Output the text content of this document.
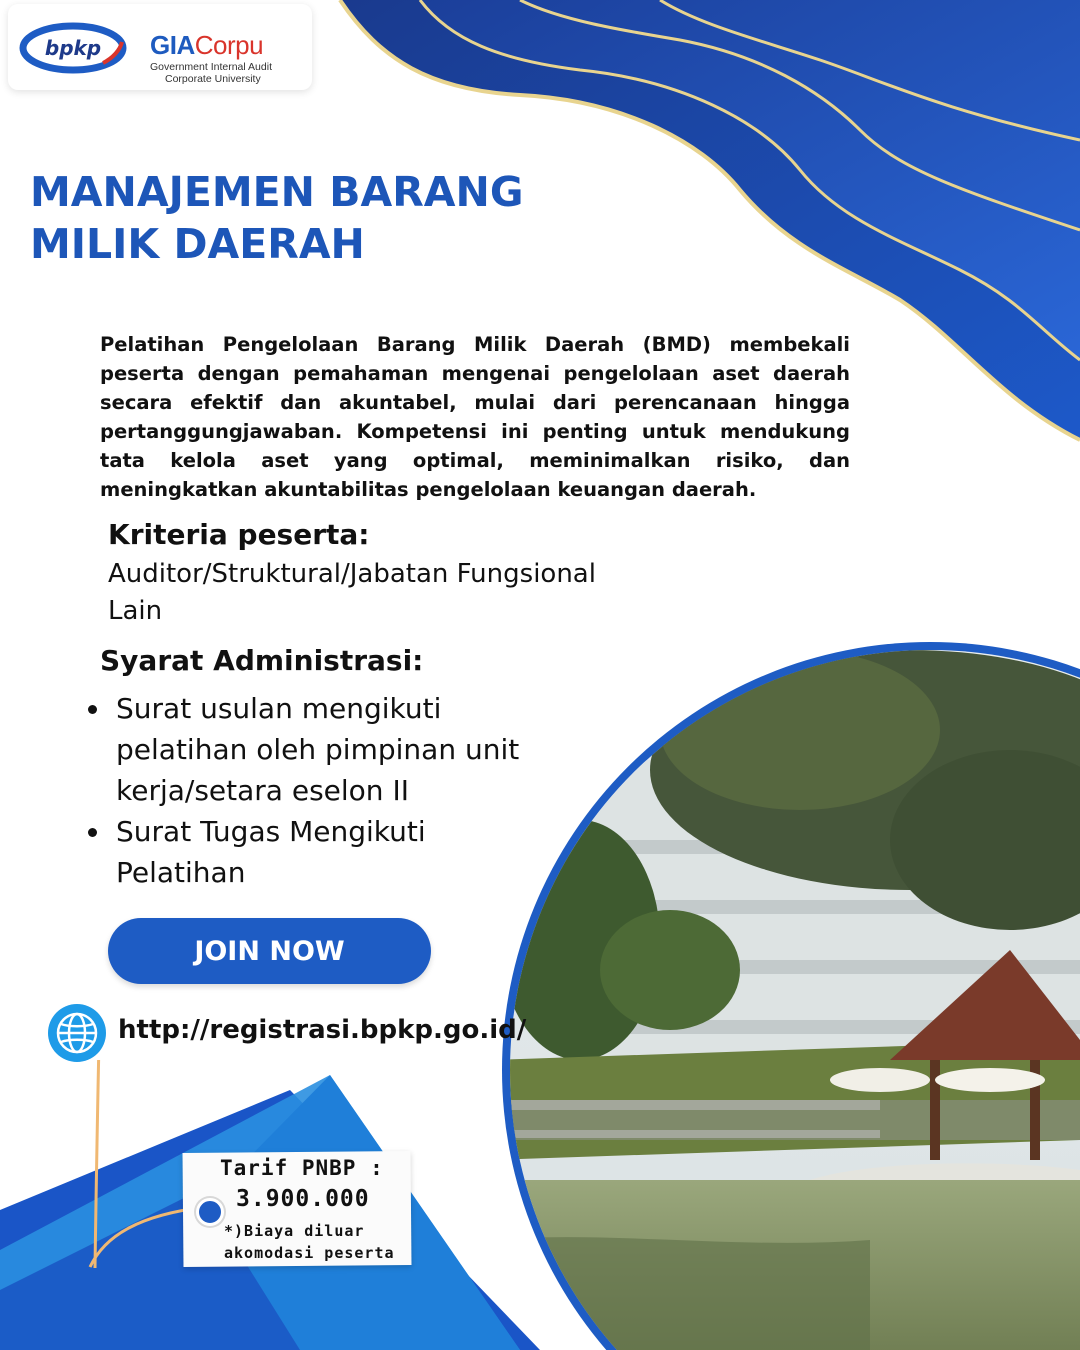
bpkp GIACorpu
Government Internal Audit
Corporate University
MANAJEMEN BARANG
MILIK DAERAH
Pelatihan Pengelolaan Barang Milik Daerah (BMD) membekali peserta dengan pemahaman mengenai pengelolaan aset daerah secara efektif dan akuntabel, mulai dari perencanaan hingga pertanggungjawaban. Kompetensi ini penting untuk mendukung tata kelola aset yang optimal, meminimalkan risiko, dan meningkatkan akuntabilitas pengelolaan keuangan daerah.
Kriteria peserta:
Auditor/Struktural/Jabatan Fungsional Lain
Syarat Administrasi:
Surat usulan mengikuti pelatihan oleh pimpinan unit kerja/setara eselon II
Surat Tugas Mengikuti Pelatihan
JOIN NOW
http://registrasi.bpkp.go.id/
Tarif PNBP :
3.900.000
*)Biaya diluar
akomodasi peserta
